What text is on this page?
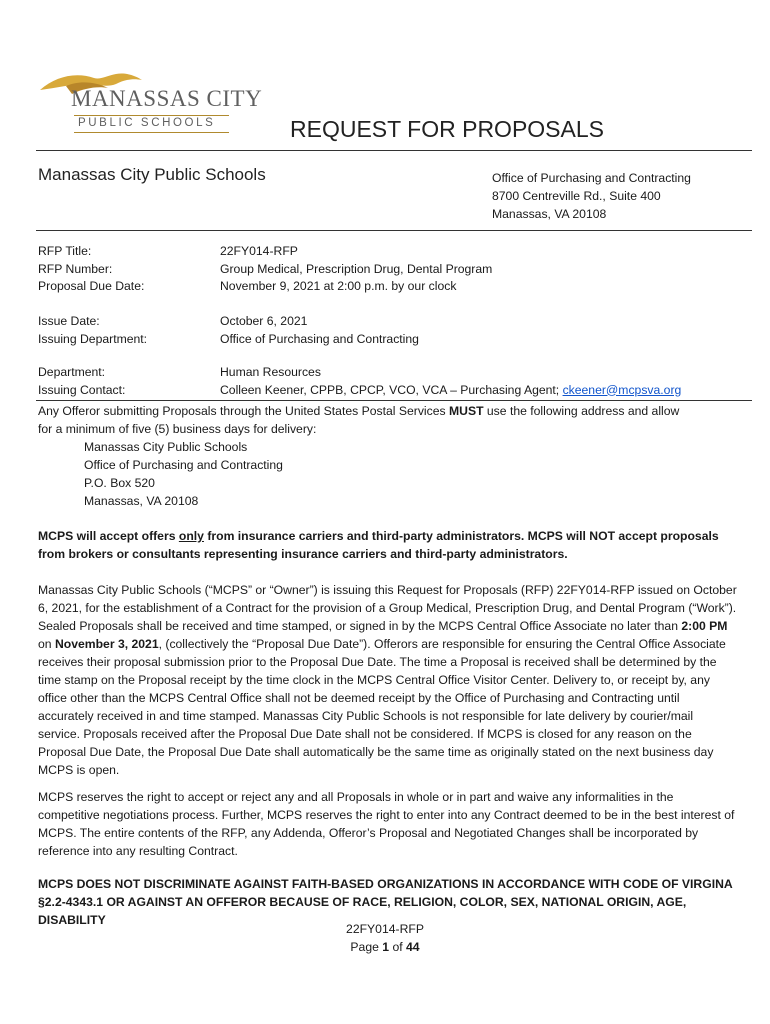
MANASSAS CITY
PUBLIC SCHOOLS	REQUEST FOR PROPOSALS
Manassas City Public Schools	Office of Purchasing and Contracting
8700 Centreville Rd., Suite 400
Manassas, VA 20108
RFP Title:
RFP Number:
Proposal Due Date:
22FY014-RFP
Group Medical, Prescription Drug, Dental Program
November 9, 2021 at 2:00 p.m. by our clock
Issue Date:
Issuing Department:
October 6, 2021
Office of Purchasing and Contracting
Department:
Issuing Contact:
Human Resources
Colleen Keener, CPPB, CPCP, VCO, VCA – Purchasing Agent; ckeener@mcpsva.org
Any Offeror submitting Proposals through the United States Postal Services MUST use the following address and allow
for a minimum of five (5) business days for delivery:
Manassas City Public Schools
Office of Purchasing and Contracting
P.O. Box 520
Manassas, VA 20108
MCPS will accept offers only from insurance carriers and third-party administrators. MCPS will NOT accept proposals from brokers or consultants representing insurance carriers and third-party administrators.
Manassas City Public Schools (“MCPS” or “Owner”) is issuing this Request for Proposals (RFP) 22FY014-RFP issued on October 6, 2021, for the establishment of a Contract for the provision of a Group Medical, Prescription Drug, and Dental Program (“Work”). Sealed Proposals shall be received and time stamped, or signed in by the MCPS Central Office Associate no later than 2:00 PM on November 3, 2021, (collectively the “Proposal Due Date”). Offerors are responsible for ensuring the Central Office Associate receives their proposal submission prior to the Proposal Due Date. The time a Proposal is received shall be determined by the time stamp on the Proposal receipt by the time clock in the MCPS Central Office Visitor Center. Delivery to, or receipt by, any office other than the MCPS Central Office shall not be deemed receipt by the Office of Purchasing and Contracting until accurately received in and time stamped. Manassas City Public Schools is not responsible for late delivery by courier/mail service. Proposals received after the Proposal Due Date shall not be considered. If MCPS is closed for any reason on the Proposal Due Date, the Proposal Due Date shall automatically be the same time as originally stated on the next business day MCPS is open.
MCPS reserves the right to accept or reject any and all Proposals in whole or in part and waive any informalities in the competitive negotiations process. Further, MCPS reserves the right to enter into any Contract deemed to be in the best interest of MCPS. The entire contents of the RFP, any Addenda, Offeror’s Proposal and Negotiated Changes shall be incorporated by reference into any resulting Contract.
MCPS DOES NOT DISCRIMINATE AGAINST FAITH-BASED ORGANIZATIONS IN ACCORDANCE WITH CODE OF VIRGINA §2.2-4343.1 OR AGAINST AN OFFEROR BECAUSE OF RACE, RELIGION, COLOR, SEX, NATIONAL ORIGIN, AGE, DISABILITY
22FY014-RFP
Page 1 of 44
